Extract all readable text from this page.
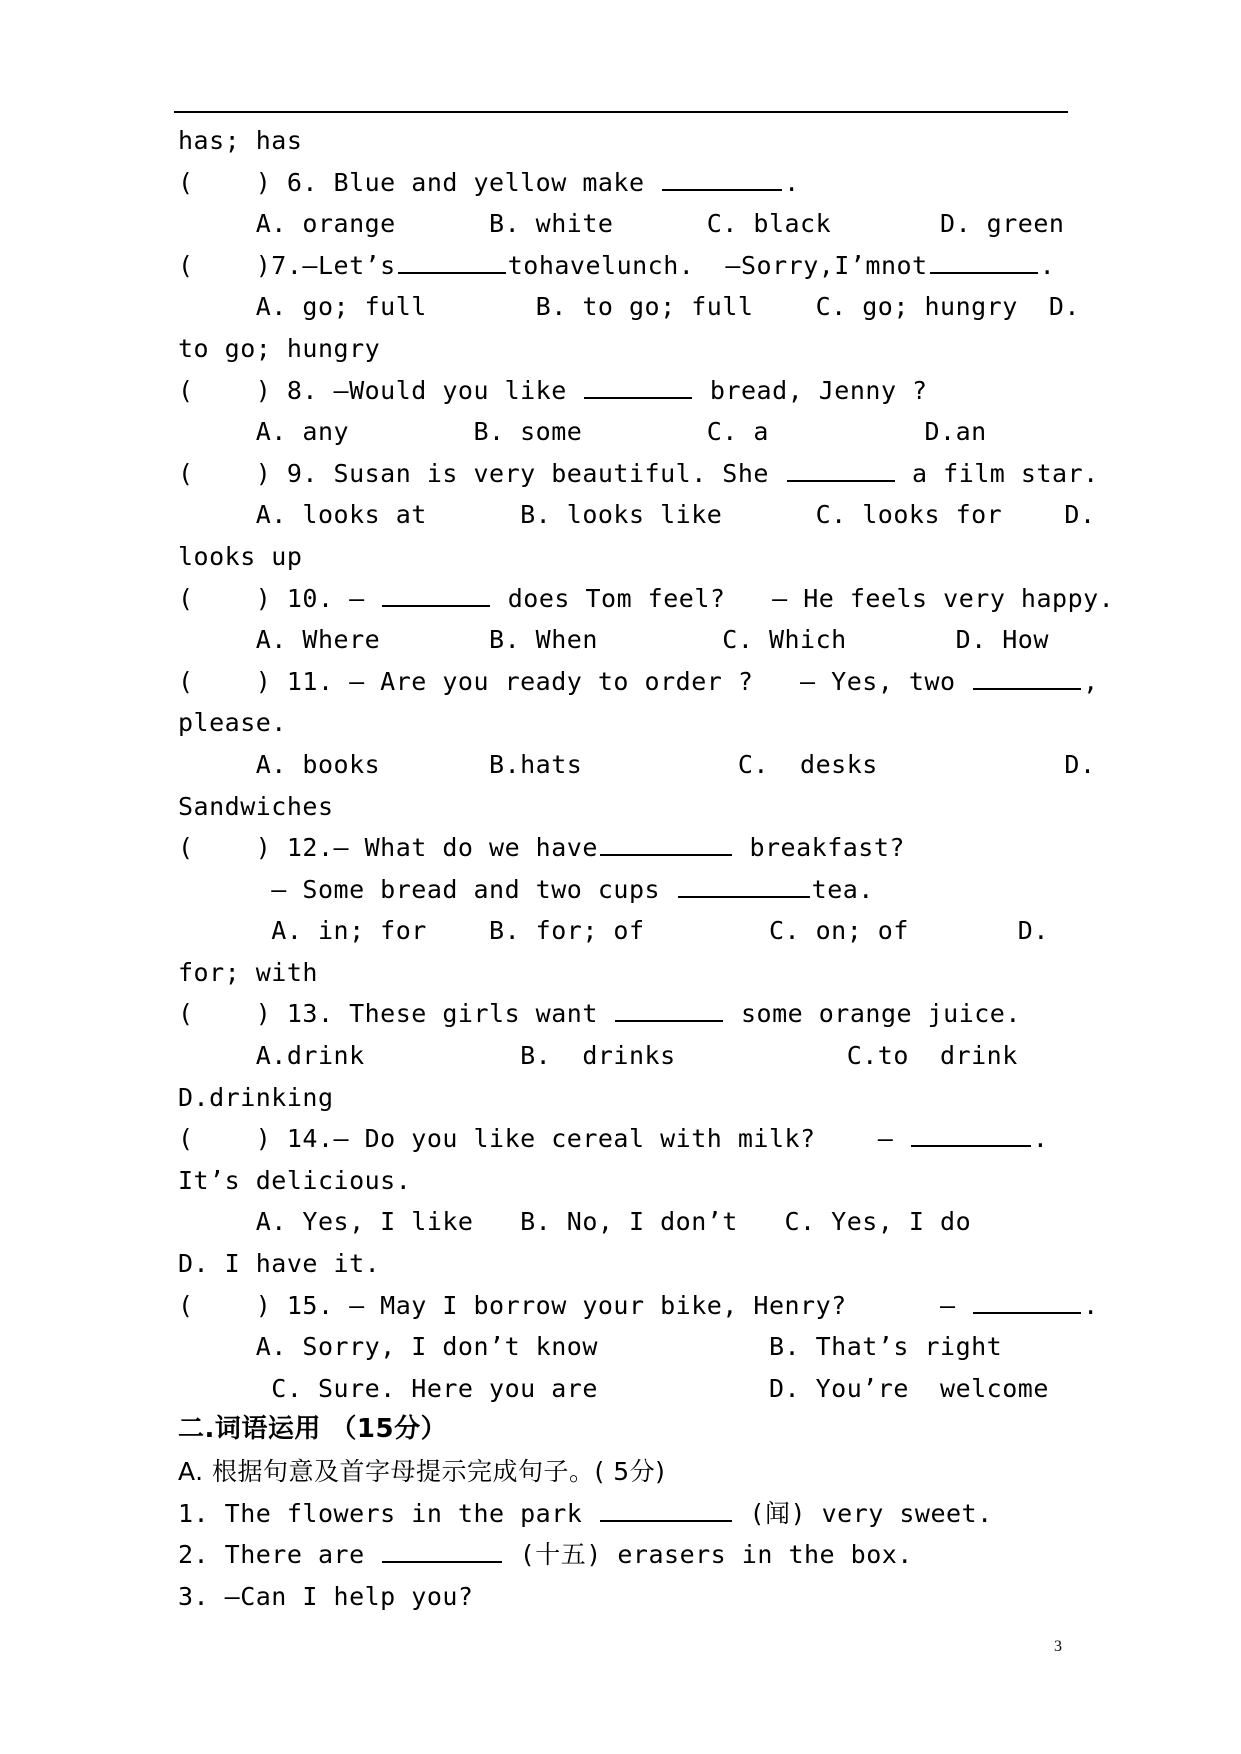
has; has
(    ) 6. Blue and yellow make	.
A. orange      B. white      C. black       D. green
(    )7.—Let’s	tohavelunch.  —Sorry,I’mnot	.
A. go; full       B. to go; full    C. go; hungry  D.
to go; hungry
(    ) 8. —Would you like	bread, Jenny ?
A. any        B. some        C. a          D.an
(    ) 9. Susan is very beautiful. She	a film star.
A. looks at      B. looks like      C. looks for    D.
looks up
(    ) 10. —	does Tom feel?   — He feels very happy.
A. Where       B. When        C. Which       D. How
(    ) 11. — Are you ready to order ?   — Yes, two	,
please.
A. books       B.hats          C.  desks            D.
Sandwiches
(    ) 12.— What do we have	breakfast?
— Some bread and two cups	tea.
A. in; for    B. for; of        C. on; of       D.
for; with
(    ) 13. These girls want	some orange juice.
A.drink          B.  drinks           C.to  drink
D.drinking
(    ) 14.— Do you like cereal with milk?    —	.
It’s delicious.
A. Yes, I like   B. No, I don’t   C. Yes, I do
D. I have it.
(    ) 15. — May I borrow your bike, Henry?      —	.
A. Sorry, I don’t know           B. That’s right
C. Sure. Here you are           D. You’re  welcome
二.词语运用 （15分）
A. 根据句意及首字母提示完成句子。( 5分)
1. The flowers in the park	(闻) very sweet.
2. There are	(十五) erasers in the box.
3. —Can I help you?
3
